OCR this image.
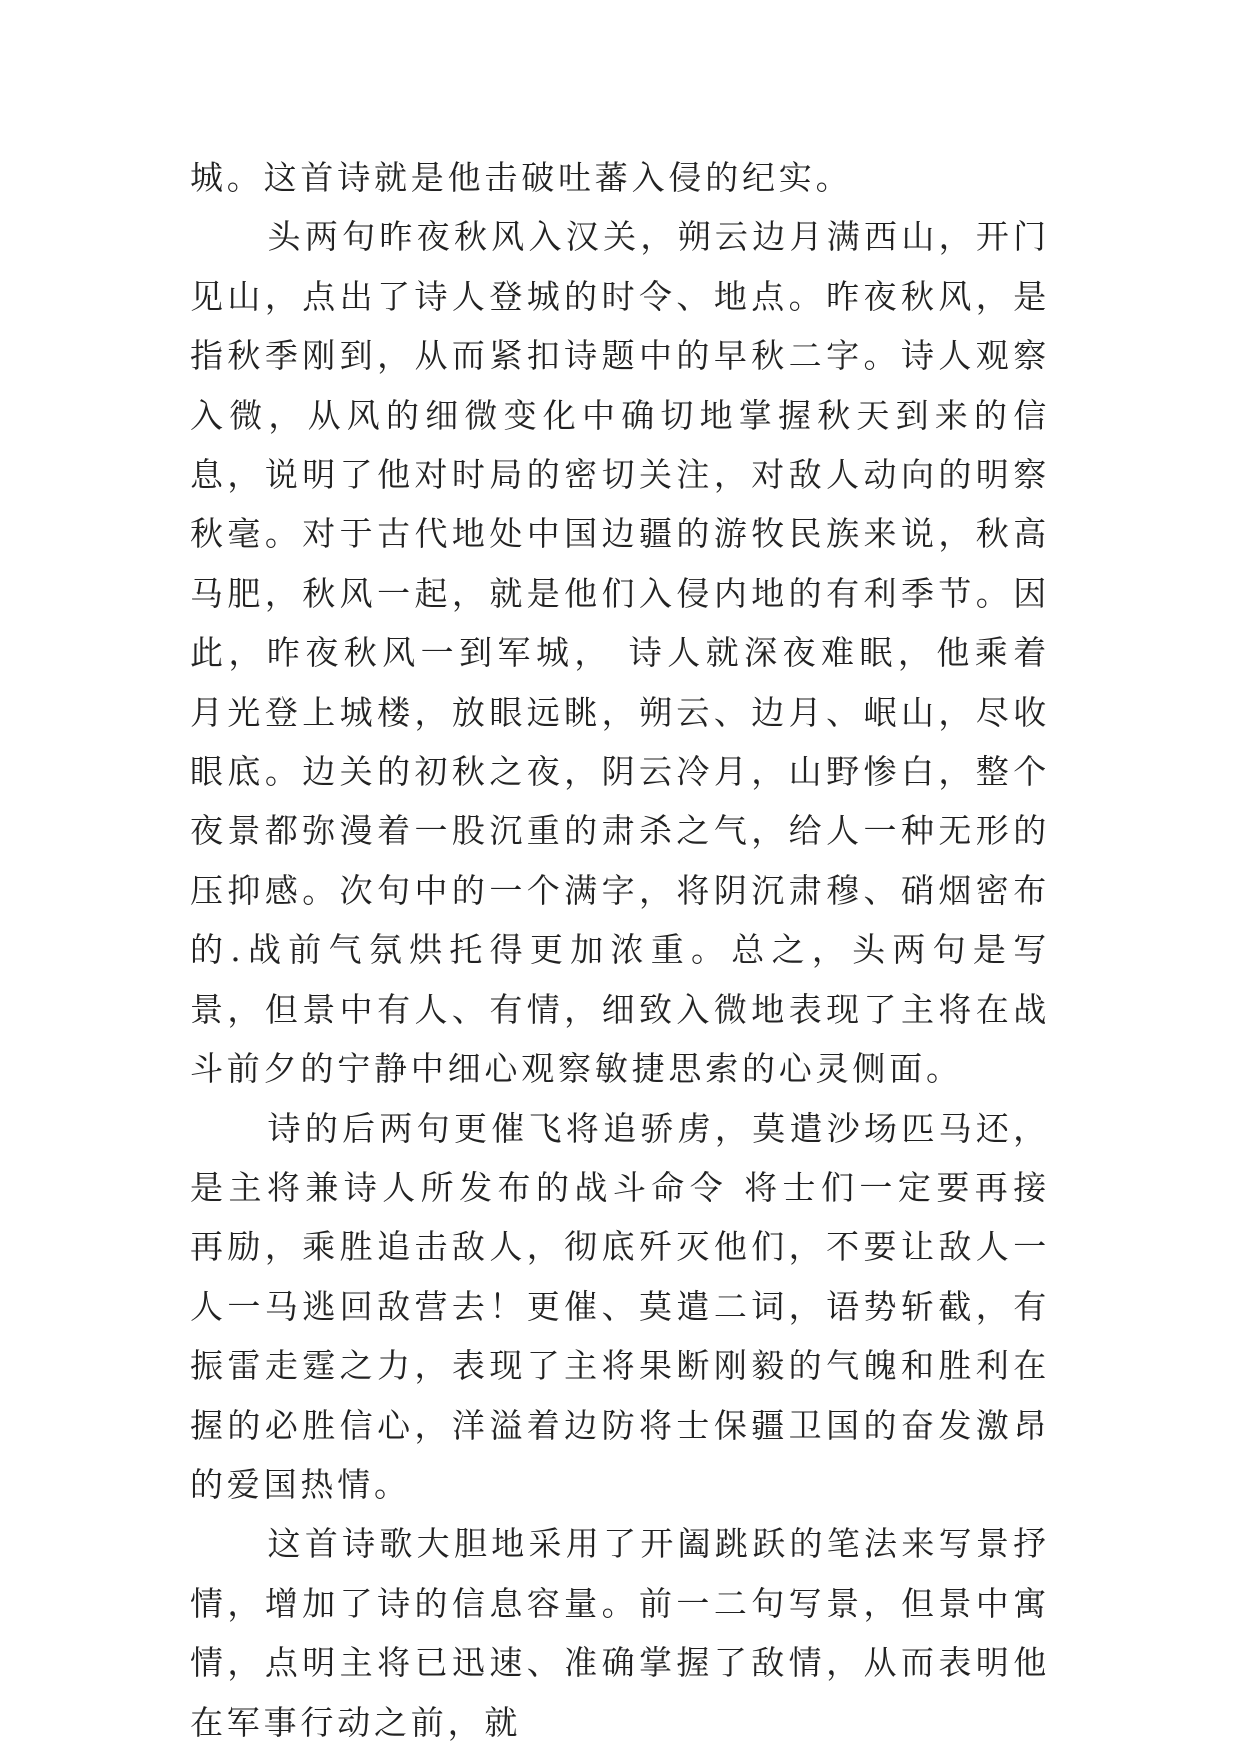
城。这首诗就是他击破吐蕃入侵的纪实。

头两句昨夜秋风入汉关，朔云边月满西山，开门见山，点出了诗人登城的时令、地点。昨夜秋风，是指秋季刚到，从而紧扣诗题中的早秋二字。诗人观察入微，从风的细微变化中确切地掌握秋天到来的信息，说明了他对时局的密切关注，对敌人动向的明察秋毫。对于古代地处中国边疆的游牧民族来说，秋高马肥，秋风一起，就是他们入侵内地的有利季节。因此，昨夜秋风一到军城， 诗人就深夜难眠，他乘着月光登上城楼，放眼远眺，朔云、边月、岷山，尽收眼底。边关的初秋之夜，阴云冷月，山野惨白，整个夜景都弥漫着一股沉重的肃杀之气，给人一种无形的压抑感。次句中的一个满字，将阴沉肃穆、硝烟密布的.战前气氛烘托得更加浓重。总之，头两句是写景，但景中有人、有情，细致入微地表现了主将在战斗前夕的宁静中细心观察敏捷思索的心灵侧面。

诗的后两句更催飞将追骄虏，莫遣沙场匹马还，是主将兼诗人所发布的战斗命令 将士们一定要再接再励，乘胜追击敌人，彻底歼灭他们，不要让敌人一人一马逃回敌营去！更催、莫遣二词，语势斩截，有振雷走霆之力，表现了主将果断刚毅的气魄和胜利在握的必胜信心，洋溢着边防将士保疆卫国的奋发激昂的爱国热情。

这首诗歌大胆地采用了开阖跳跃的笔法来写景抒情，增加了诗的信息容量。前一二句写景，但景中寓情，点明主将已迅速、准确掌握了敌情，从而表明他在军事行动之前，就
